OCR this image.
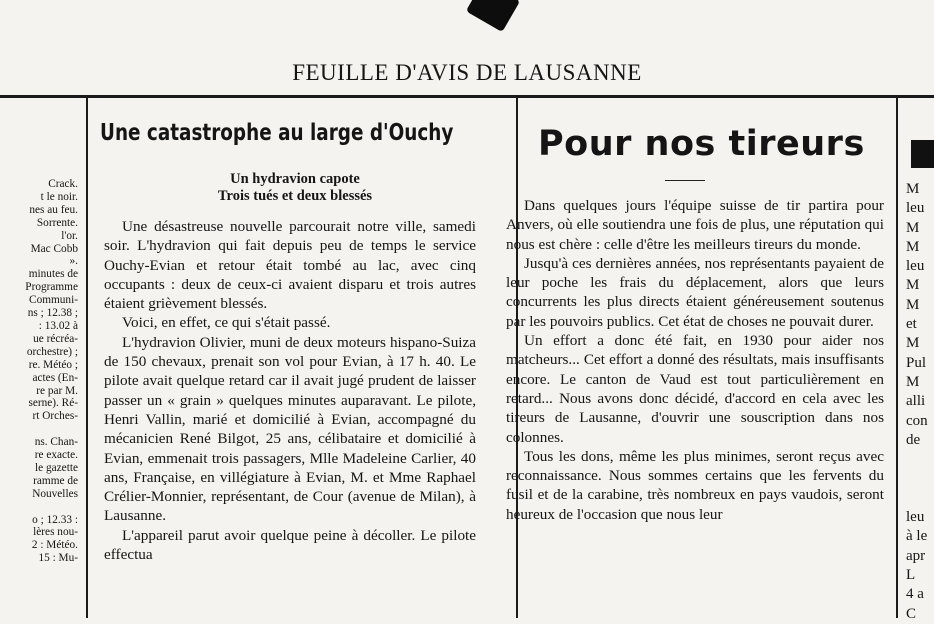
FEUILLE D'AVIS DE LAUSANNE
Crack.
t le noir.
nes au feu.
Sorrente.
l'or.
Mac Cobb
».
minutes de
Programme
Communi-
ns ; 12.38 ;
: 13.02 à
ue récréa-
orchestre) ;
re. Météo ;
actes (En-
re par M.
serne). Ré-
rt Orches-

ns. Chan-
re exacte.
le gazette
ramme de
Nouvelles

o ; 12.33 :
lères nou-
2 : Météo.
15 : Mu-
Une catastrophe au large d'Ouchy
Un hydravion capote
Trois tués et deux blessés

Une désastreuse nouvelle parcourait notre ville, samedi soir. L'hydravion qui fait depuis peu de temps le service Ouchy-Evian et retour était tombé au lac, avec cinq occupants : deux de ceux-ci avaient disparu et trois autres étaient grièvement blessés.

Voici, en effet, ce qui s'était passé.

L'hydravion Olivier, muni de deux moteurs hispano-Suiza de 150 chevaux, prenait son vol pour Evian, à 17 h. 40. Le pilote avait quelque retard car il avait jugé prudent de laisser passer un « grain » quelques minutes auparavant. Le pilote, Henri Vallin, marié et domicilié à Evian, accompagné du mécanicien René Bilgot, 25 ans, célibataire et domicilié à Evian, emmenait trois passagers, Mlle Madeleine Carlier, 40 ans, Française, en villégiature à Evian, M. et Mme Raphael Crélier-Monnier, représentant, de Cour (avenue de Milan), à Lausanne.

L'appareil parut avoir quelque peine à décoller. Le pilote effectua

Pour nos tireurs

Dans quelques jours l'équipe suisse de tir partira pour Anvers, où elle soutiendra une fois de plus, une réputation qui nous est chère : celle d'être les meilleurs tireurs du monde.

Jusqu'à ces dernières années, nos représentants payaient de leur poche les frais du déplacement, alors que leurs concurrents les plus directs étaient généreusement soutenus par les pouvoirs publics. Cet état de choses ne pouvait durer.

Un effort a donc été fait, en 1930 pour aider nos matcheurs... Cet effort a donné des résultats, mais insuffisants encore. Le canton de Vaud est tout particulièrement en retard... Nous avons donc décidé, d'accord en cela avec les tireurs de Lausanne, d'ouvrir une souscription dans nos colonnes.

Tous les dons, même les plus minimes, seront reçus avec reconnaissance. Nous sommes certains que les fervents du fusil et de la carabine, très nombreux en pays vaudois, seront heureux de l'occasion que nous leur

M
leu
M
M
leu
M
M
et
M
Pul
M
alli
con
de

leu
à le
apr
L
4 a
C
